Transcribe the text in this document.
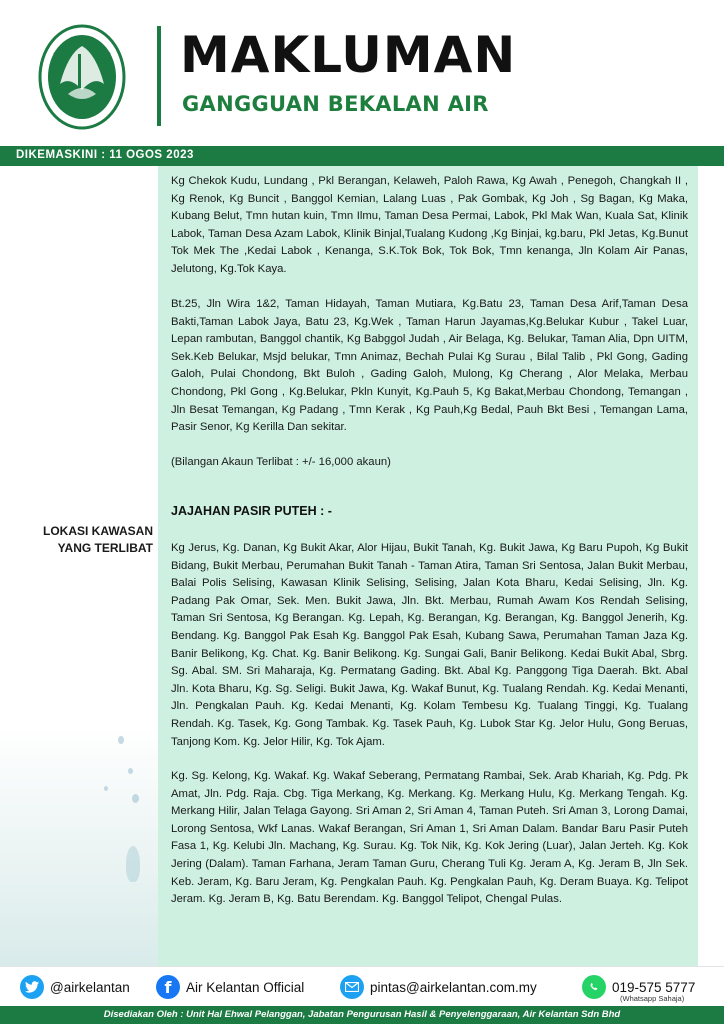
MAKLUMAN
GANGGUAN BEKALAN AIR
DIKEMASKINI : 11 OGOS 2023
LOKASI KAWASAN
YANG TERLIBAT

Kg Chekok Kudu, Lundang , Pkl Berangan, Kelaweh, Paloh Rawa, Kg Awah , Penegoh, Changkah II , Kg Renok, Kg Buncit , Banggol Kemian, Lalang Luas , Pak Gombak, Kg Joh , Sg Bagan, Kg Maka, Kubang Belut, Tmn hutan kuin, Tmn Ilmu, Taman Desa Permai, Labok, Pkl Mak Wan, Kuala Sat, Klinik Labok, Taman Desa Azam Labok, Klinik Binjal,Tualang Kudong ,Kg Binjai, kg.baru, Pkl Jetas, Kg.Bunut Tok Mek The ,Kedai Labok , Kenanga, S.K.Tok Bok, Tok Bok, Tmn kenanga, Jln Kolam Air Panas, Jelutong, Kg.Tok Kaya.

Bt.25, Jln Wira 1&2, Taman Hidayah, Taman Mutiara, Kg.Batu 23, Taman Desa Arif,Taman Desa Bakti,Taman Labok Jaya, Batu 23, Kg.Wek , Taman Harun Jayamas,Kg.Belukar Kubur , Takel Luar, Lepan rambutan, Banggol chantik, Kg Babggol Judah , Air Belaga, Kg. Belukar, Taman Alia, Dpn UITM, Sek.Keb Belukar, Msjd belukar, Tmn Animaz, Bechah Pulai Kg Surau , Bilal Talib , Pkl Gong, Gading Galoh, Pulai Chondong, Bkt Buloh , Gading Galoh, Mulong, Kg Cherang , Alor Melaka, Merbau Chondong, Pkl Gong , Kg.Belukar, Pkln Kunyit, Kg.Pauh 5, Kg Bakat,Merbau Chondong, Temangan , Jln Besat Temangan, Kg Padang , Tmn Kerak , Kg Pauh,Kg Bedal, Pauh Bkt Besi , Temangan Lama, Pasir Senor, Kg Kerilla Dan sekitar.

(Bilangan Akaun Terlibat : +/- 16,000 akaun)

JAJAHAN PASIR PUTEH : -

Kg Jerus, Kg. Danan, Kg Bukit Akar, Alor Hijau, Bukit Tanah, Kg. Bukit Jawa, Kg Baru Pupoh, Kg Bukit Bidang, Bukit Merbau, Perumahan Bukit Tanah - Taman Atira, Taman Sri Sentosa, Jalan Bukit Merbau, Balai Polis Selising, Kawasan Klinik Selising, Selising, Jalan Kota Bharu, Kedai Selising, Jln. Kg. Padang Pak Omar, Sek. Men. Bukit Jawa, Jln. Bkt. Merbau, Rumah Awam Kos Rendah Selising, Taman Sri Sentosa, Kg Berangan. Kg. Lepah, Kg. Berangan, Kg. Berangan, Kg. Banggol Jenerih, Kg. Bendang. Kg. Banggol Pak Esah Kg. Banggol Pak Esah, Kubang Sawa, Perumahan Taman Jaza Kg. Banir Belikong, Kg. Chat. Kg. Banir Belikong. Kg. Sungai Gali, Banir Belikong. Kedai Bukit Abal, Sbrg. Sg. Abal. SM. Sri Maharaja, Kg. Permatang Gading. Bkt. Abal Kg. Panggong Tiga Daerah. Bkt. Abal Jln. Kota Bharu, Kg. Sg. Seligi. Bukit Jawa, Kg. Wakaf Bunut, Kg. Tualang Rendah. Kg. Kedai Menanti, Jln. Pengkalan Pauh. Kg. Kedai Menanti, Kg. Kolam Tembesu Kg. Tualang Tinggi, Kg. Tualang Rendah. Kg. Tasek, Kg. Gong Tambak. Kg. Tasek Pauh, Kg. Lubok Star Kg. Jelor Hulu, Gong Beruas, Tanjong Kom. Kg. Jelor Hilir, Kg. Tok Ajam.

Kg. Sg. Kelong, Kg. Wakaf. Kg. Wakaf Seberang, Permatang Rambai, Sek. Arab Khariah, Kg. Pdg. Pk Amat, Jln. Pdg. Raja. Cbg. Tiga Merkang, Kg. Merkang. Kg. Merkang Hulu, Kg. Merkang Tengah. Kg. Merkang Hilir, Jalan Telaga Gayong. Sri Aman 2, Sri Aman 4, Taman Puteh. Sri Aman 3, Lorong Damai, Lorong Sentosa, Wkf Lanas. Wakaf Berangan, Sri Aman 1, Sri Aman Dalam. Bandar Baru Pasir Puteh Fasa 1, Kg. Kelubi Jln. Machang, Kg. Surau. Kg. Tok Nik, Kg. Kok Jering (Luar), Jalan Jerteh. Kg. Kok Jering (Dalam). Taman Farhana, Jeram Taman Guru, Cherang Tuli Kg. Jeram A, Kg. Jeram B, Jln Sek. Keb. Jeram, Kg. Baru Jeram, Kg. Pengkalan Pauh. Kg. Pengkalan Pauh, Kg. Deram Buaya. Kg. Telipot Jeram. Kg. Jeram B, Kg. Batu Berendam. Kg. Banggol Telipot, Chengal Pulas.

@airkelantan f Air Kelantan Official	pintas@airkelantan.com.my	019-575 5777
(Whatsapp Sahaja)
Disediakan Oleh : Unit Hal Ehwal Pelanggan, Jabatan Pengurusan Hasil & Penyelenggaraan, Air Kelantan Sdn Bhd
